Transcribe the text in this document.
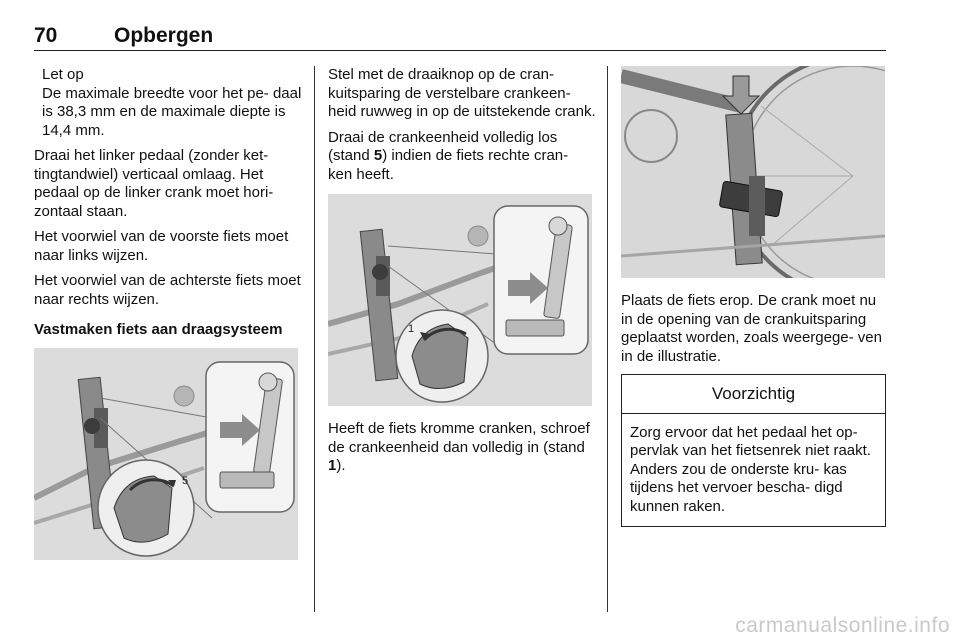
70	Opbergen
Let op
De maximale breedte voor het pe- daal is 38,3 mm en de maximale diepte is 14,4 mm.

Draai het linker pedaal (zonder ket- tingtandwiel) verticaal omlaag. Het pedaal op de linker crank moet hori- zontaal staan.

Het voorwiel van de voorste fiets moet naar links wijzen.

Het voorwiel van de achterste fiets moet naar rechts wijzen.

Vastmaken fiets aan draagsysteem

5

Stel met de draaiknop op de cran- kuitsparing de verstelbare crankeen- heid ruwweg in op de uitstekende crank.

Draai de crankeenheid volledig los (stand 5) indien de fiets rechte cran- ken heeft.

1

Heeft de fiets kromme cranken, schroef de crankeenheid dan volledig in (stand 1).

Plaats de fiets erop. De crank moet nu in de opening van de crankuitsparing geplaatst worden, zoals weergege- ven in de illustratie.

Voorzichtig
Zorg ervoor dat het pedaal het op- pervlak van het fietsenrek niet raakt. Anders zou de onderste kru- kas tijdens het vervoer bescha- digd kunnen raken.
carmanualsonline.info
